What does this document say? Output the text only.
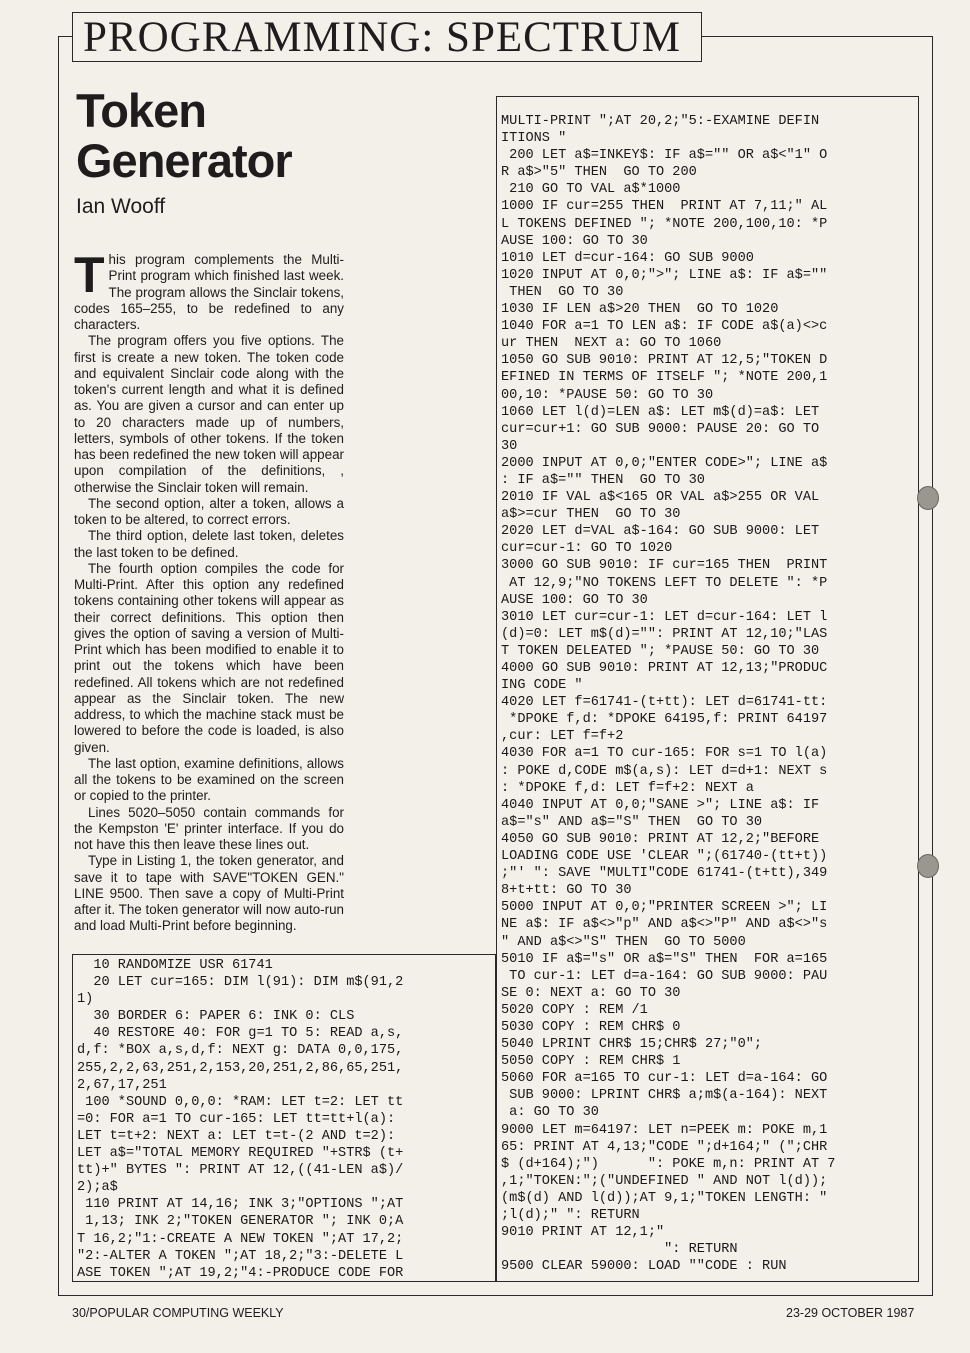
PROGRAMMING: SPECTRUM
Token
Generator
Ian Wooff

This program complements the Multi-Print program which finished last week. The program allows the Sinclair tokens, codes 165–255, to be redefined to any characters.

The program offers you five options. The first is create a new token. The token code and equivalent Sinclair code along with the token's current length and what it is defined as. You are given a cursor and can enter up to 20 characters made up of numbers, letters, symbols of other tokens. If the token has been redefined the new token will appear upon compilation of the definitions, , otherwise the Sinclair token will remain.

The second option, alter a token, allows a token to be altered, to correct errors.

The third option, delete last token, deletes the last token to be defined.

The fourth option compiles the code for Multi-Print. After this option any redefined tokens containing other tokens will appear as their correct definitions. This option then gives the option of saving a version of Multi-Print which has been modified to enable it to print out the tokens which have been redefined. All tokens which are not redefined appear as the Sinclair token. The new address, to which the machine stack must be lowered to before the code is loaded, is also given.

The last option, examine definitions, allows all the tokens to be examined on the screen or copied to the printer.

Lines 5020–5050 contain commands for the Kempston 'E' printer interface. If you do not have this then leave these lines out.

Type in Listing 1, the token generator, and save it to tape with SAVE"TOKEN GEN." LINE 9500. Then save a copy of Multi-Print after it. The token generator will now auto-run and load Multi-Print before beginning.

MULTI-PRINT ";AT 20,2;"5:-EXAMINE DEFIN
ITIONS "
200 LET a$=INKEY$: IF a$="" OR a$<"1" O
R a$>"5" THEN  GO TO 200
210 GO TO VAL a$*1000
1000 IF cur=255 THEN  PRINT AT 7,11;" AL
L TOKENS DEFINED "; *NOTE 200,100,10: *P
AUSE 100: GO TO 30
1010 LET d=cur-164: GO SUB 9000
1020 INPUT AT 0,0;">"; LINE a$: IF a$=""
THEN  GO TO 30
1030 IF LEN a$>20 THEN  GO TO 1020
1040 FOR a=1 TO LEN a$: IF CODE a$(a)<>c
ur THEN  NEXT a: GO TO 1060
1050 GO SUB 9010: PRINT AT 12,5;"TOKEN D
EFINED IN TERMS OF ITSELF "; *NOTE 200,1
00,10: *PAUSE 50: GO TO 30
1060 LET l(d)=LEN a$: LET m$(d)=a$: LET
cur=cur+1: GO SUB 9000: PAUSE 20: GO TO
30
2000 INPUT AT 0,0;"ENTER CODE>"; LINE a$
: IF a$="" THEN  GO TO 30
2010 IF VAL a$<165 OR VAL a$>255 OR VAL
a$>=cur THEN  GO TO 30
2020 LET d=VAL a$-164: GO SUB 9000: LET
cur=cur-1: GO TO 1020
3000 GO SUB 9010: IF cur=165 THEN  PRINT
AT 12,9;"NO TOKENS LEFT TO DELETE ": *P
AUSE 100: GO TO 30
3010 LET cur=cur-1: LET d=cur-164: LET l
(d)=0: LET m$(d)="": PRINT AT 12,10;"LAS
T TOKEN DELEATED "; *PAUSE 50: GO TO 30
4000 GO SUB 9010: PRINT AT 12,13;"PRODUC
ING CODE "
4020 LET f=61741-(t+tt): LET d=61741-tt:
*DPOKE f,d: *DPOKE 64195,f: PRINT 64197
,cur: LET f=f+2
4030 FOR a=1 TO cur-165: FOR s=1 TO l(a)
: POKE d,CODE m$(a,s): LET d=d+1: NEXT s
: *DPOKE f,d: LET f=f+2: NEXT a
4040 INPUT AT 0,0;"SANE >"; LINE a$: IF
a$="s" AND a$="S" THEN  GO TO 30
4050 GO SUB 9010: PRINT AT 12,2;"BEFORE
LOADING CODE USE 'CLEAR ";(61740-(tt+t))
;"' ": SAVE "MULTI"CODE 61741-(t+tt),349
8+t+tt: GO TO 30
5000 INPUT AT 0,0;"PRINTER SCREEN >"; LI
NE a$: IF a$<>"p" AND a$<>"P" AND a$<>"s
" AND a$<>"S" THEN  GO TO 5000
5010 IF a$="s" OR a$="S" THEN  FOR a=165
TO cur-1: LET d=a-164: GO SUB 9000: PAU
SE 0: NEXT a: GO TO 30
5020 COPY : REM /1
5030 COPY : REM CHR$ 0
5040 LPRINT CHR$ 15;CHR$ 27;"0";
5050 COPY : REM CHR$ 1
5060 FOR a=165 TO cur-1: LET d=a-164: GO
SUB 9000: LPRINT CHR$ a;m$(a-164): NEXT
a: GO TO 30
9000 LET m=64197: LET n=PEEK m: POKE m,1
65: PRINT AT 4,13;"CODE ";d+164;" (";CHR
$ (d+164);")      ": POKE m,n: PRINT AT 7
,1;"TOKEN:";("UNDEFINED " AND NOT l(d));
(m$(d) AND l(d));AT 9,1;"TOKEN LENGTH: "
;l(d);" ": RETURN
9010 PRINT AT 12,1;"
": RETURN
9500 CLEAR 59000: LOAD ""CODE : RUN
10 RANDOMIZE USR 61741
20 LET cur=165: DIM l(91): DIM m$(91,2
1)
30 BORDER 6: PAPER 6: INK 0: CLS
40 RESTORE 40: FOR g=1 TO 5: READ a,s,
d,f: *BOX a,s,d,f: NEXT g: DATA 0,0,175,
255,2,2,63,251,2,153,20,251,2,86,65,251,
2,67,17,251
100 *SOUND 0,0,0: *RAM: LET t=2: LET tt
=0: FOR a=1 TO cur-165: LET tt=tt+l(a):
LET t=t+2: NEXT a: LET t=t-(2 AND t=2):
LET a$="TOTAL MEMORY REQUIRED "+STR$ (t+
tt)+" BYTES ": PRINT AT 12,((41-LEN a$)/
2);a$
110 PRINT AT 14,16; INK 3;"OPTIONS ";AT
1,13; INK 2;"TOKEN GENERATOR "; INK 0;A
T 16,2;"1:-CREATE A NEW TOKEN ";AT 17,2;
"2:-ALTER A TOKEN ";AT 18,2;"3:-DELETE L
ASE TOKEN ";AT 19,2;"4:-PRODUCE CODE FOR
30/POPULAR COMPUTING WEEKLY	23-29 OCTOBER 1987
